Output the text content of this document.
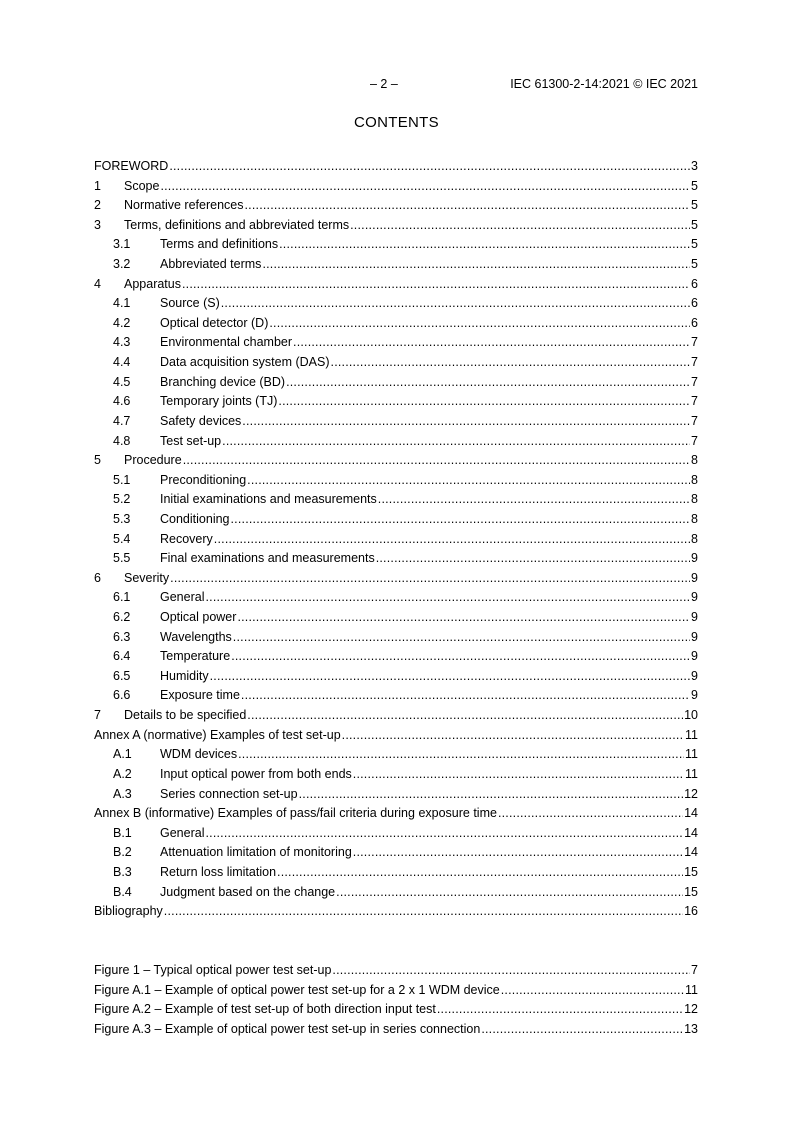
– 2 –	IEC 61300-2-14:2021 © IEC 2021
CONTENTS
FOREWORD .....	3
1	Scope .....	5
2	Normative references .....	5
3	Terms, definitions and abbreviated terms .....	5
3.1	Terms and definitions .....	5
3.2	Abbreviated terms .....	5
4	Apparatus .....	6
4.1	Source (S) .....	6
4.2	Optical detector (D) .....	6
4.3	Environmental chamber .....	7
4.4	Data acquisition system (DAS) .....	7
4.5	Branching device (BD) .....	7
4.6	Temporary joints (TJ) .....	7
4.7	Safety devices .....	7
4.8	Test set-up .....	7
5	Procedure .....	8
5.1	Preconditioning .....	8
5.2	Initial examinations and measurements .....	8
5.3	Conditioning .....	8
5.4	Recovery .....	8
5.5	Final examinations and measurements .....	9
6	Severity .....	9
6.1	General .....	9
6.2	Optical power .....	9
6.3	Wavelengths .....	9
6.4	Temperature .....	9
6.5	Humidity .....	9
6.6	Exposure time .....	9
7	Details to be specified .....	10
Annex A (normative) Examples of test set-up .....	11
A.1	WDM devices .....	11
A.2	Input optical power from both ends .....	11
A.3	Series connection set-up .....	12
Annex B (informative) Examples of pass/fail criteria during exposure time .....	14
B.1	General .....	14
B.2	Attenuation limitation of monitoring .....	14
B.3	Return loss limitation .....	15
B.4	Judgment based on the change .....	15
Bibliography .....	16
Figure 1 – Typical optical power test set-up .....	7
Figure A.1 – Example of optical power test set-up for a 2 x 1 WDM device .....	11
Figure A.2 – Example of test set-up of both direction input test .....	12
Figure A.3 – Example of optical power test set-up in series connection .....	13
